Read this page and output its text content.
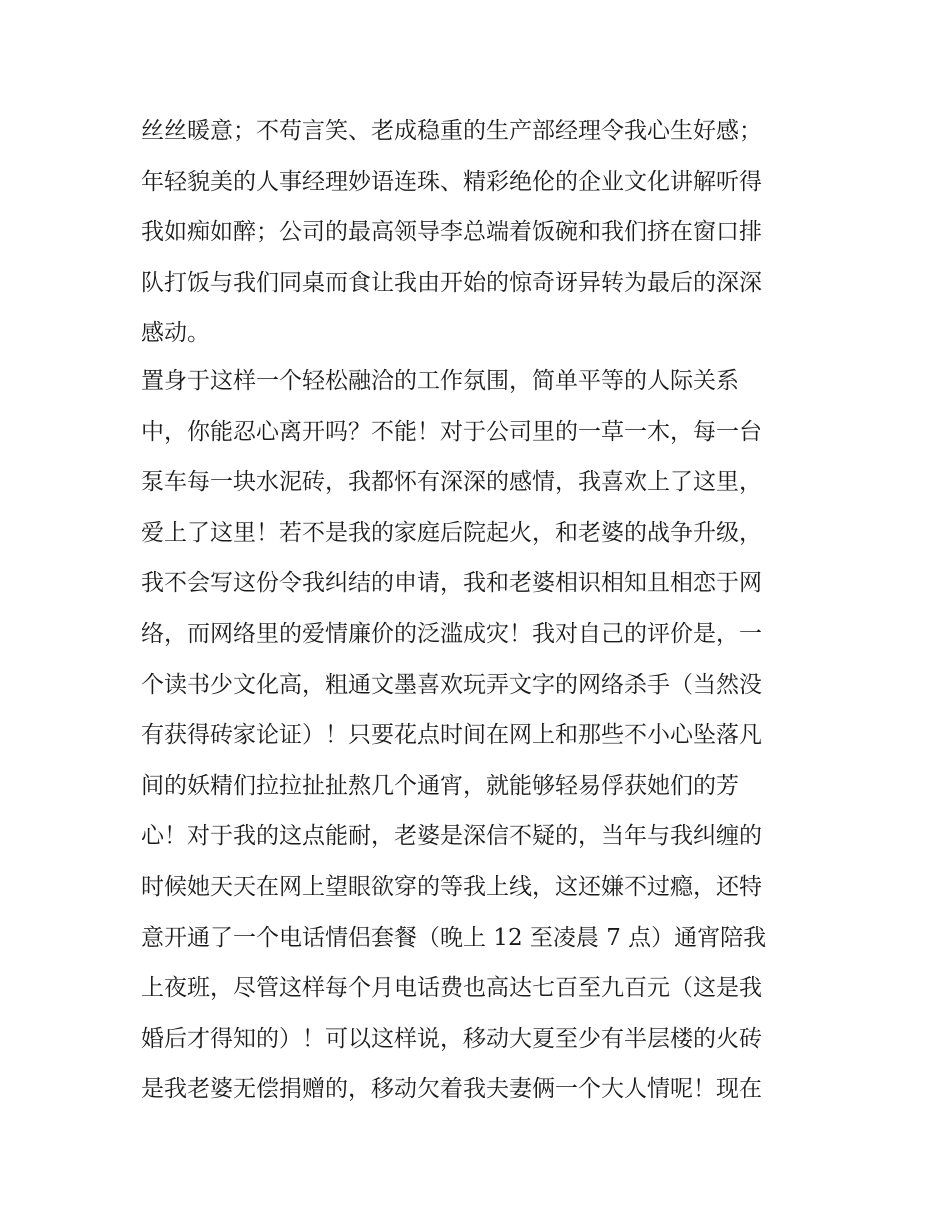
丝丝暖意；不苟言笑、老成稳重的生产部经理令我心生好感；
年轻貌美的人事经理妙语连珠、精彩绝伦的企业文化讲解听得
我如痴如醉；公司的最高领导李总端着饭碗和我们挤在窗口排
队打饭与我们同桌而食让我由开始的惊奇讶异转为最后的深深
感动。
置身于这样一个轻松融洽的工作氛围，简单平等的人际关系
中，你能忍心离开吗？不能！对于公司里的一草一木，每一台
泵车每一块水泥砖，我都怀有深深的感情，我喜欢上了这里，
爱上了这里！若不是我的家庭后院起火，和老婆的战争升级，
我不会写这份令我纠结的申请，我和老婆相识相知且相恋于网
络，而网络里的爱情廉价的泛滥成灾！我对自己的评价是，一
个读书少文化高，粗通文墨喜欢玩弄文字的网络杀手（当然没
有获得砖家论证）！只要花点时间在网上和那些不小心坠落凡
间的妖精们拉拉扯扯熬几个通宵，就能够轻易俘获她们的芳
心！对于我的这点能耐，老婆是深信不疑的，当年与我纠缠的
时候她天天在网上望眼欲穿的等我上线，这还嫌不过瘾，还特
意开通了一个电话情侣套餐（晚上 12 至凌晨 7 点）通宵陪我
上夜班，尽管这样每个月电话费也高达七百至九百元（这是我
婚后才得知的）！可以这样说，移动大夏至少有半层楼的火砖
是我老婆无偿捐赠的，移动欠着我夫妻俩一个大人情呢！现在
